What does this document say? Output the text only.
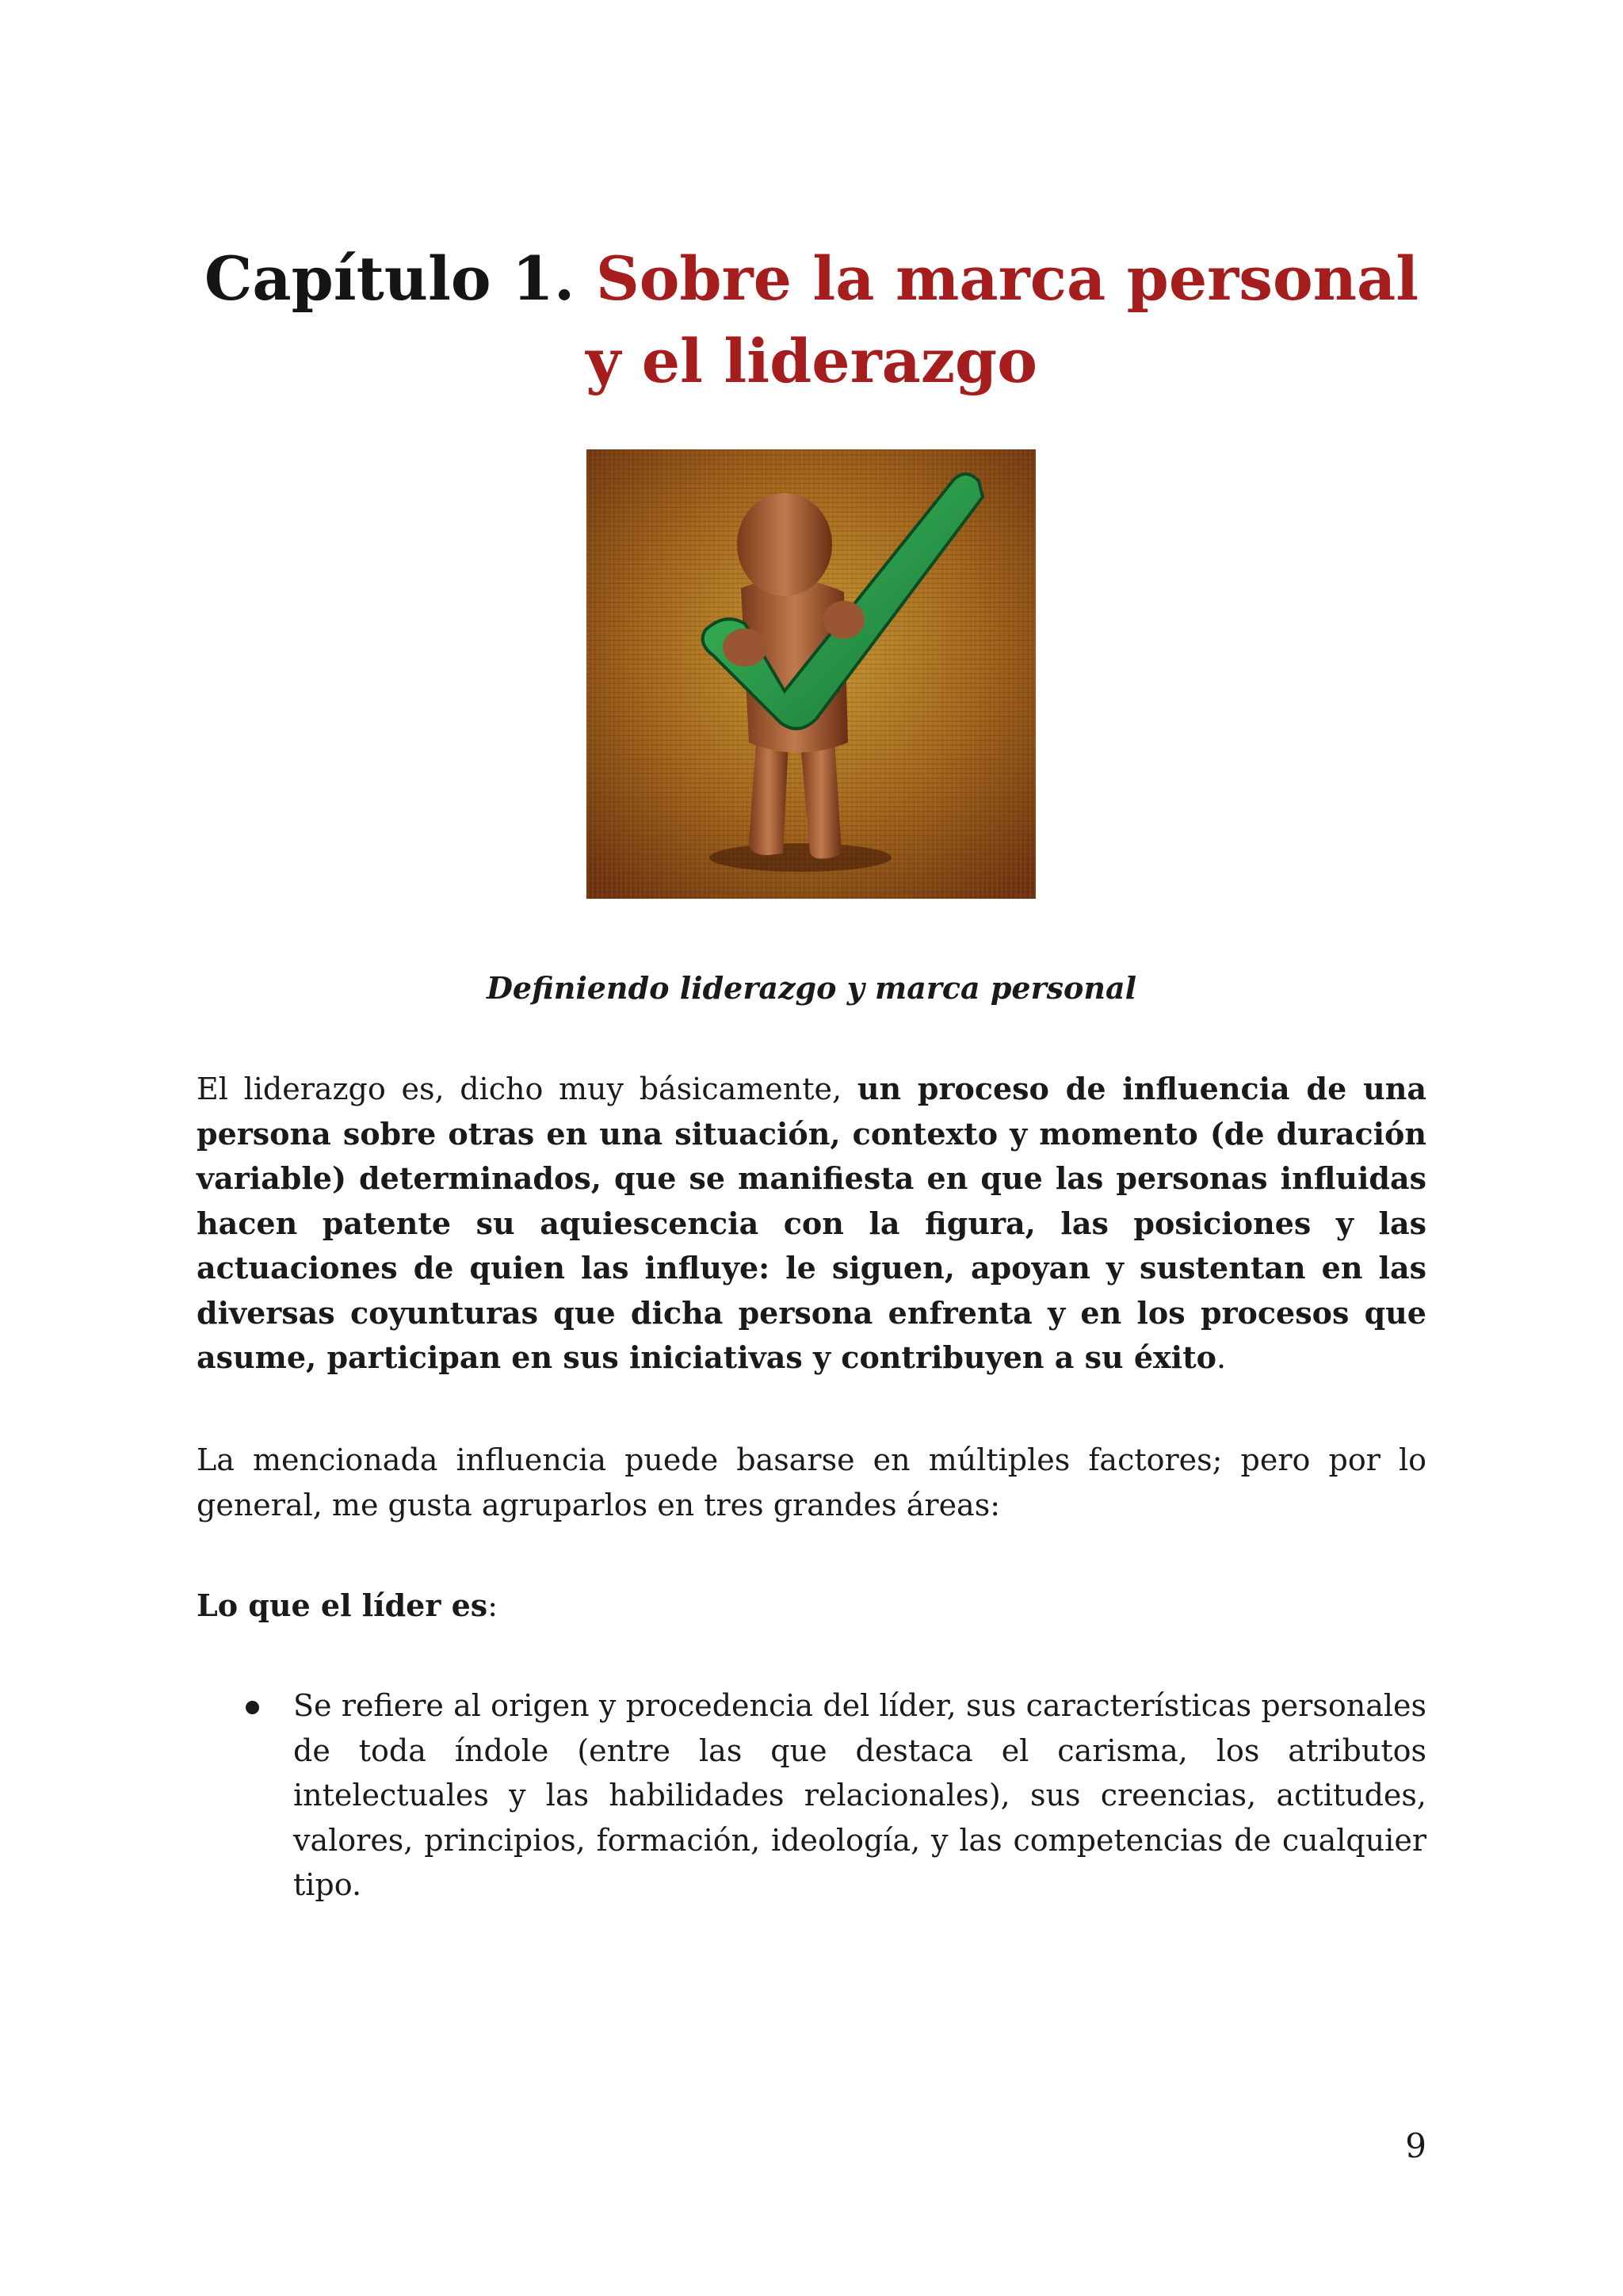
Capítulo 1. Sobre la marca personal y el liderazgo

Definiendo liderazgo y marca personal

El liderazgo es, dicho muy básicamente, un proceso de influencia de una persona sobre otras en una situación, contexto y momento (de duración variable) determinados, que se manifiesta en que las personas influidas hacen patente su aquiescencia con la figura, las posiciones y las actuaciones de quien las influye: le siguen, apoyan y sustentan en las diversas coyunturas que dicha persona enfrenta y en los procesos que asume, participan en sus iniciativas y contribuyen a su éxito.

La mencionada influencia puede basarse en múltiples factores; pero por lo general, me gusta agruparlos en tres grandes áreas:

Lo que el líder es:

Se refiere al origen y procedencia del líder, sus características personales de toda índole (entre las que destaca el carisma, los atributos intelectuales y las habilidades relacionales), sus creencias, actitudes, valores, principios, formación, ideología, y las competencias de cualquier tipo.

9
